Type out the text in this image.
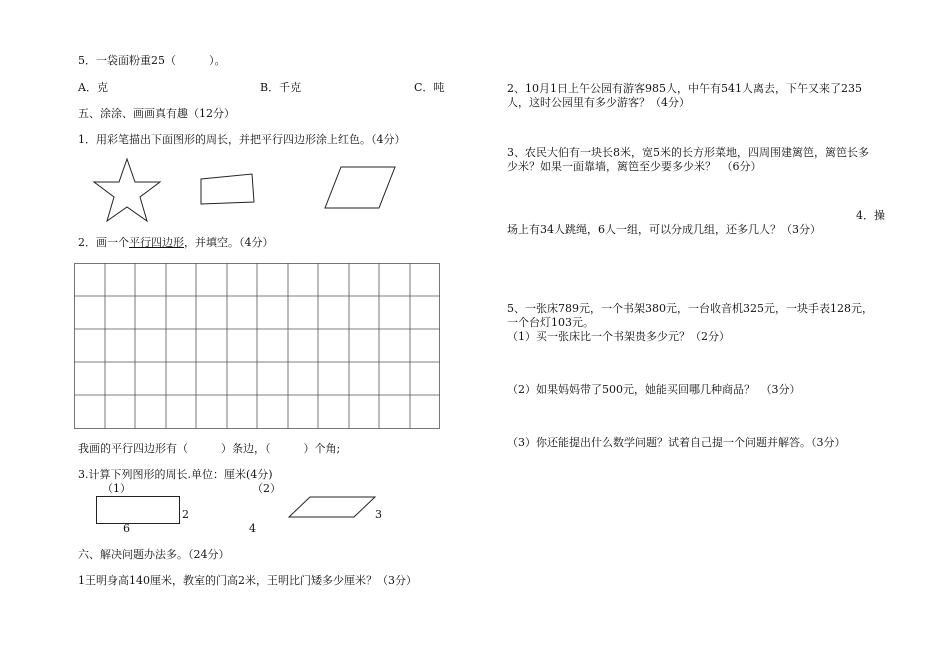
5．一袋面粉重25（　　　）。
A．克	B．千克	C．吨
五、涂涂、画画真有趣（12分）
1．用彩笔描出下面图形的周长，并把平行四边形涂上红色。（4分）
2．画一个平行四边形，并填空。（4分）
我画的平行四边形有（　　　）条边，（　　　）个角;
3.计算下列图形的周长.单位：厘米(4分)
（1）	（2）
2
6
3
4
六、解决问题办法多。（24分）
1王明身高140厘米，教室的门高2米，王明比门矮多少厘米？（3分）
2、10月1日上午公园有游客985人，中午有541人离去，下午又来了235
人，这时公园里有多少游客？（4分）
3、农民大伯有一块长8米，宽5米的长方形菜地，四周围建篱笆，篱笆长多
少米？如果一面靠墙，篱笆至少要多少米？　（6分）
4．操
场上有34人跳绳，6人一组，可以分成几组，还多几人？（3分）
5、一张床789元，一个书架380元，一台收音机325元，一块手表128元，
一个台灯103元。
（1）买一张床比一个书架贵多少元？（2分）
（2）如果妈妈带了500元，她能买回哪几种商品？　（3分）
（3）你还能提出什么数学问题？试着自己提一个问题并解答。（3分）
